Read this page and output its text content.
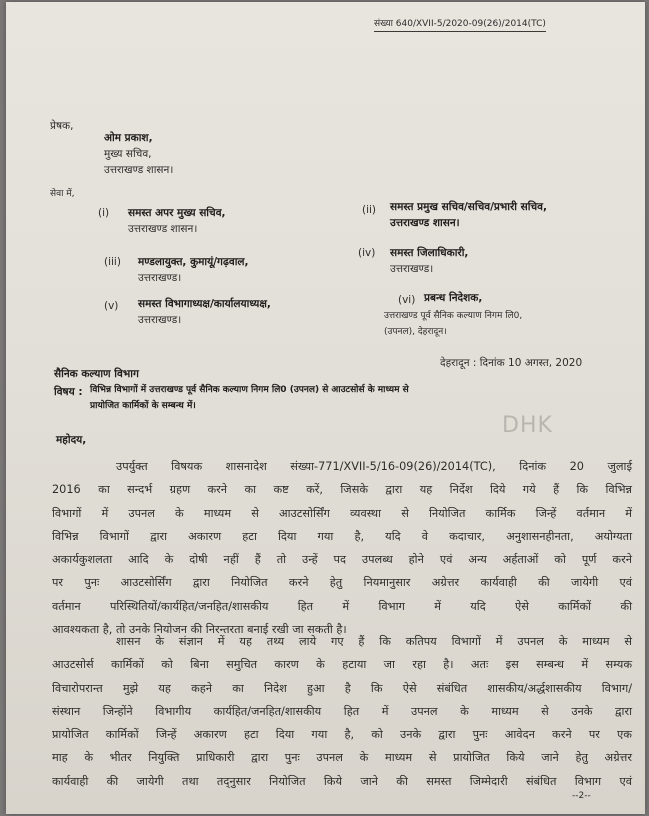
संख्या 640/XVII-5/2020-09(26)/2014(TC)
प्रेषक,
ओम प्रकाश,
मुख्य सचिव,
उत्तराखण्ड शासन।
सेवा में,
(i) समस्त अपर मुख्य सचिव,
उत्तराखण्ड शासन।
(ii) समस्त प्रमुख सचिव/सचिव/प्रभारी सचिव,
उत्तराखण्ड शासन।
(iii) मण्डलायुक्त, कुमायूं/गढ़वाल,
उत्तराखण्ड।
(iv) समस्त जिलाधिकारी,
उत्तराखण्ड।
(v) समस्त विभागाध्यक्ष/कार्यालयाध्यक्ष,
उत्तराखण्ड।
(vi) प्रबन्ध निदेशक,
उत्तराखण्ड पूर्व सैनिक कल्याण निगम लि0,
(उपनल), देहरादून।
सैनिक कल्याण विभाग
देहरादून : दिनांक 10 अगस्त, 2020
विषय : विभिन्न विभागों में उत्तराखण्ड पूर्व सैनिक कल्याण निगम लि0 (उपनल) से आउटसोर्स के माध्यम से
प्रायोजित कार्मिकों के सम्बन्ध में।
DHK
महोदय,
उपर्युक्त विषयक शासनादेश संख्या-771/XVII-5/16-09(26)/2014(TC), दिनांक 20 जुलाई
2016 का सन्दर्भ ग्रहण करने का कष्ट करें, जिसके द्वारा यह निर्देश दिये गये हैं कि विभिन्न
विभागों में उपनल के माध्यम से आउटसोर्सिंग व्यवस्था से नियोजित कार्मिक जिन्हें वर्तमान में
विभिन्न विभागों द्वारा अकारण हटा दिया गया है, यदि वे कदाचार, अनुशासनहीनता, अयोग्यता
अकार्यकुशलता आदि के दोषी नहीं हैं तो उन्हें पद उपलब्ध होने एवं अन्य अर्हताओं को पूर्ण करने
पर पुनः आउटसोर्सिंग द्वारा नियोजित करने हेतु नियमानुसार अग्रेत्तर कार्यवाही की जायेगी एवं
वर्तमान परिस्थितियों/कार्यहित/जनहित/शासकीय हित में विभाग में यदि ऐसे कार्मिकों की
आवश्यकता है, तो उनके नियोजन की निरन्तरता बनाई रखी जा सकती है।
शासन के संज्ञान में यह तथ्य लाये गए हैं कि कतिपय विभागों में उपनल के माध्यम से
आउटसोर्स कार्मिकों को बिना समुचित कारण के हटाया जा रहा है। अतः इस सम्बन्ध में सम्यक
विचारोपरान्त मुझे यह कहने का निदेश हुआ है कि ऐसे संबंधित शासकीय/अर्द्धशासकीय विभाग/
संस्थान जिन्होंने विभागीय कार्यहित/जनहित/शासकीय हित में उपनल के माध्यम से उनके द्वारा
प्रायोजित कार्मिकों जिन्हें अकारण हटा दिया गया है, को उनके द्वारा पुनः आवेदन करने पर एक
माह के भीतर नियुक्ति प्राधिकारी द्वारा पुनः उपनल के माध्यम से प्रायोजित किये जाने हेतु अग्रेत्तर
कार्यवाही की जायेगी तथा तद्नुसार नियोजित किये जाने की समस्त जिम्मेदारी संबंधित विभाग एवं
--2--
